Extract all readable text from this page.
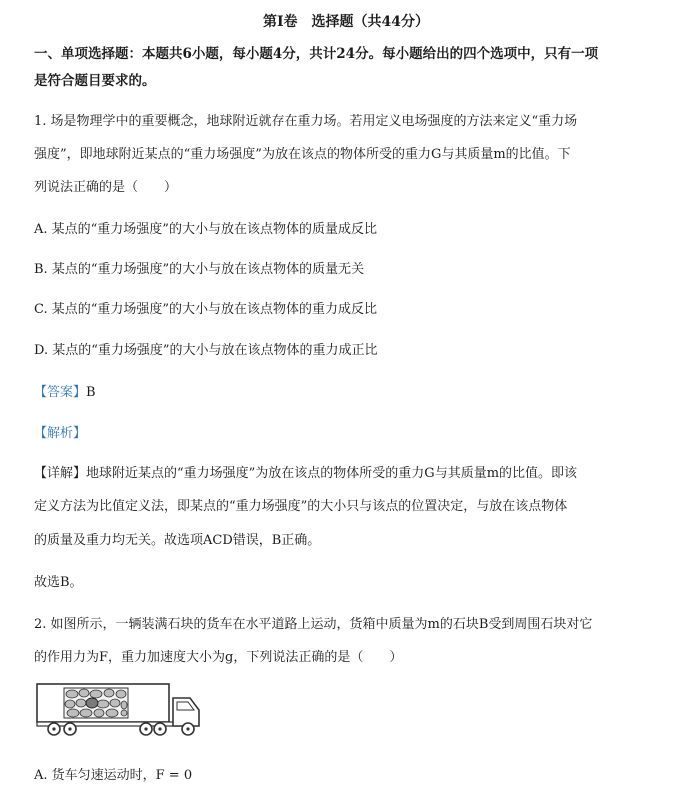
第Ⅰ卷　选择题（共44分）
一、单项选择题：本题共6小题，每小题4分，共计24分。每小题给出的四个选项中，只有一项
是符合题目要求的。
1. 场是物理学中的重要概念，地球附近就存在重力场。若用定义电场强度的方法来定义“重力场
强度”，即地球附近某点的“重力场强度”为放在该点的物体所受的重力G与其质量m的比值。下
列说法正确的是（　　）
A. 某点的“重力场强度”的大小与放在该点物体的质量成反比
B. 某点的“重力场强度”的大小与放在该点物体的质量无关
C. 某点的“重力场强度”的大小与放在该点物体的重力成反比
D. 某点的“重力场强度”的大小与放在该点物体的重力成正比
【答案】B
【解析】
【详解】地球附近某点的“重力场强度”为放在该点的物体所受的重力G与其质量m的比值。即该
定义方法为比值定义法，即某点的“重力场强度”的大小只与该点的位置决定，与放在该点物体
的质量及重力均无关。故选项ACD错误，B正确。
故选B。
2. 如图所示，一辆装满石块的货车在水平道路上运动，货箱中质量为m的石块B受到周围石块对它
的作用力为F，重力加速度大小为g，下列说法正确的是（　　）
A. 货车匀速运动时，F = 0
